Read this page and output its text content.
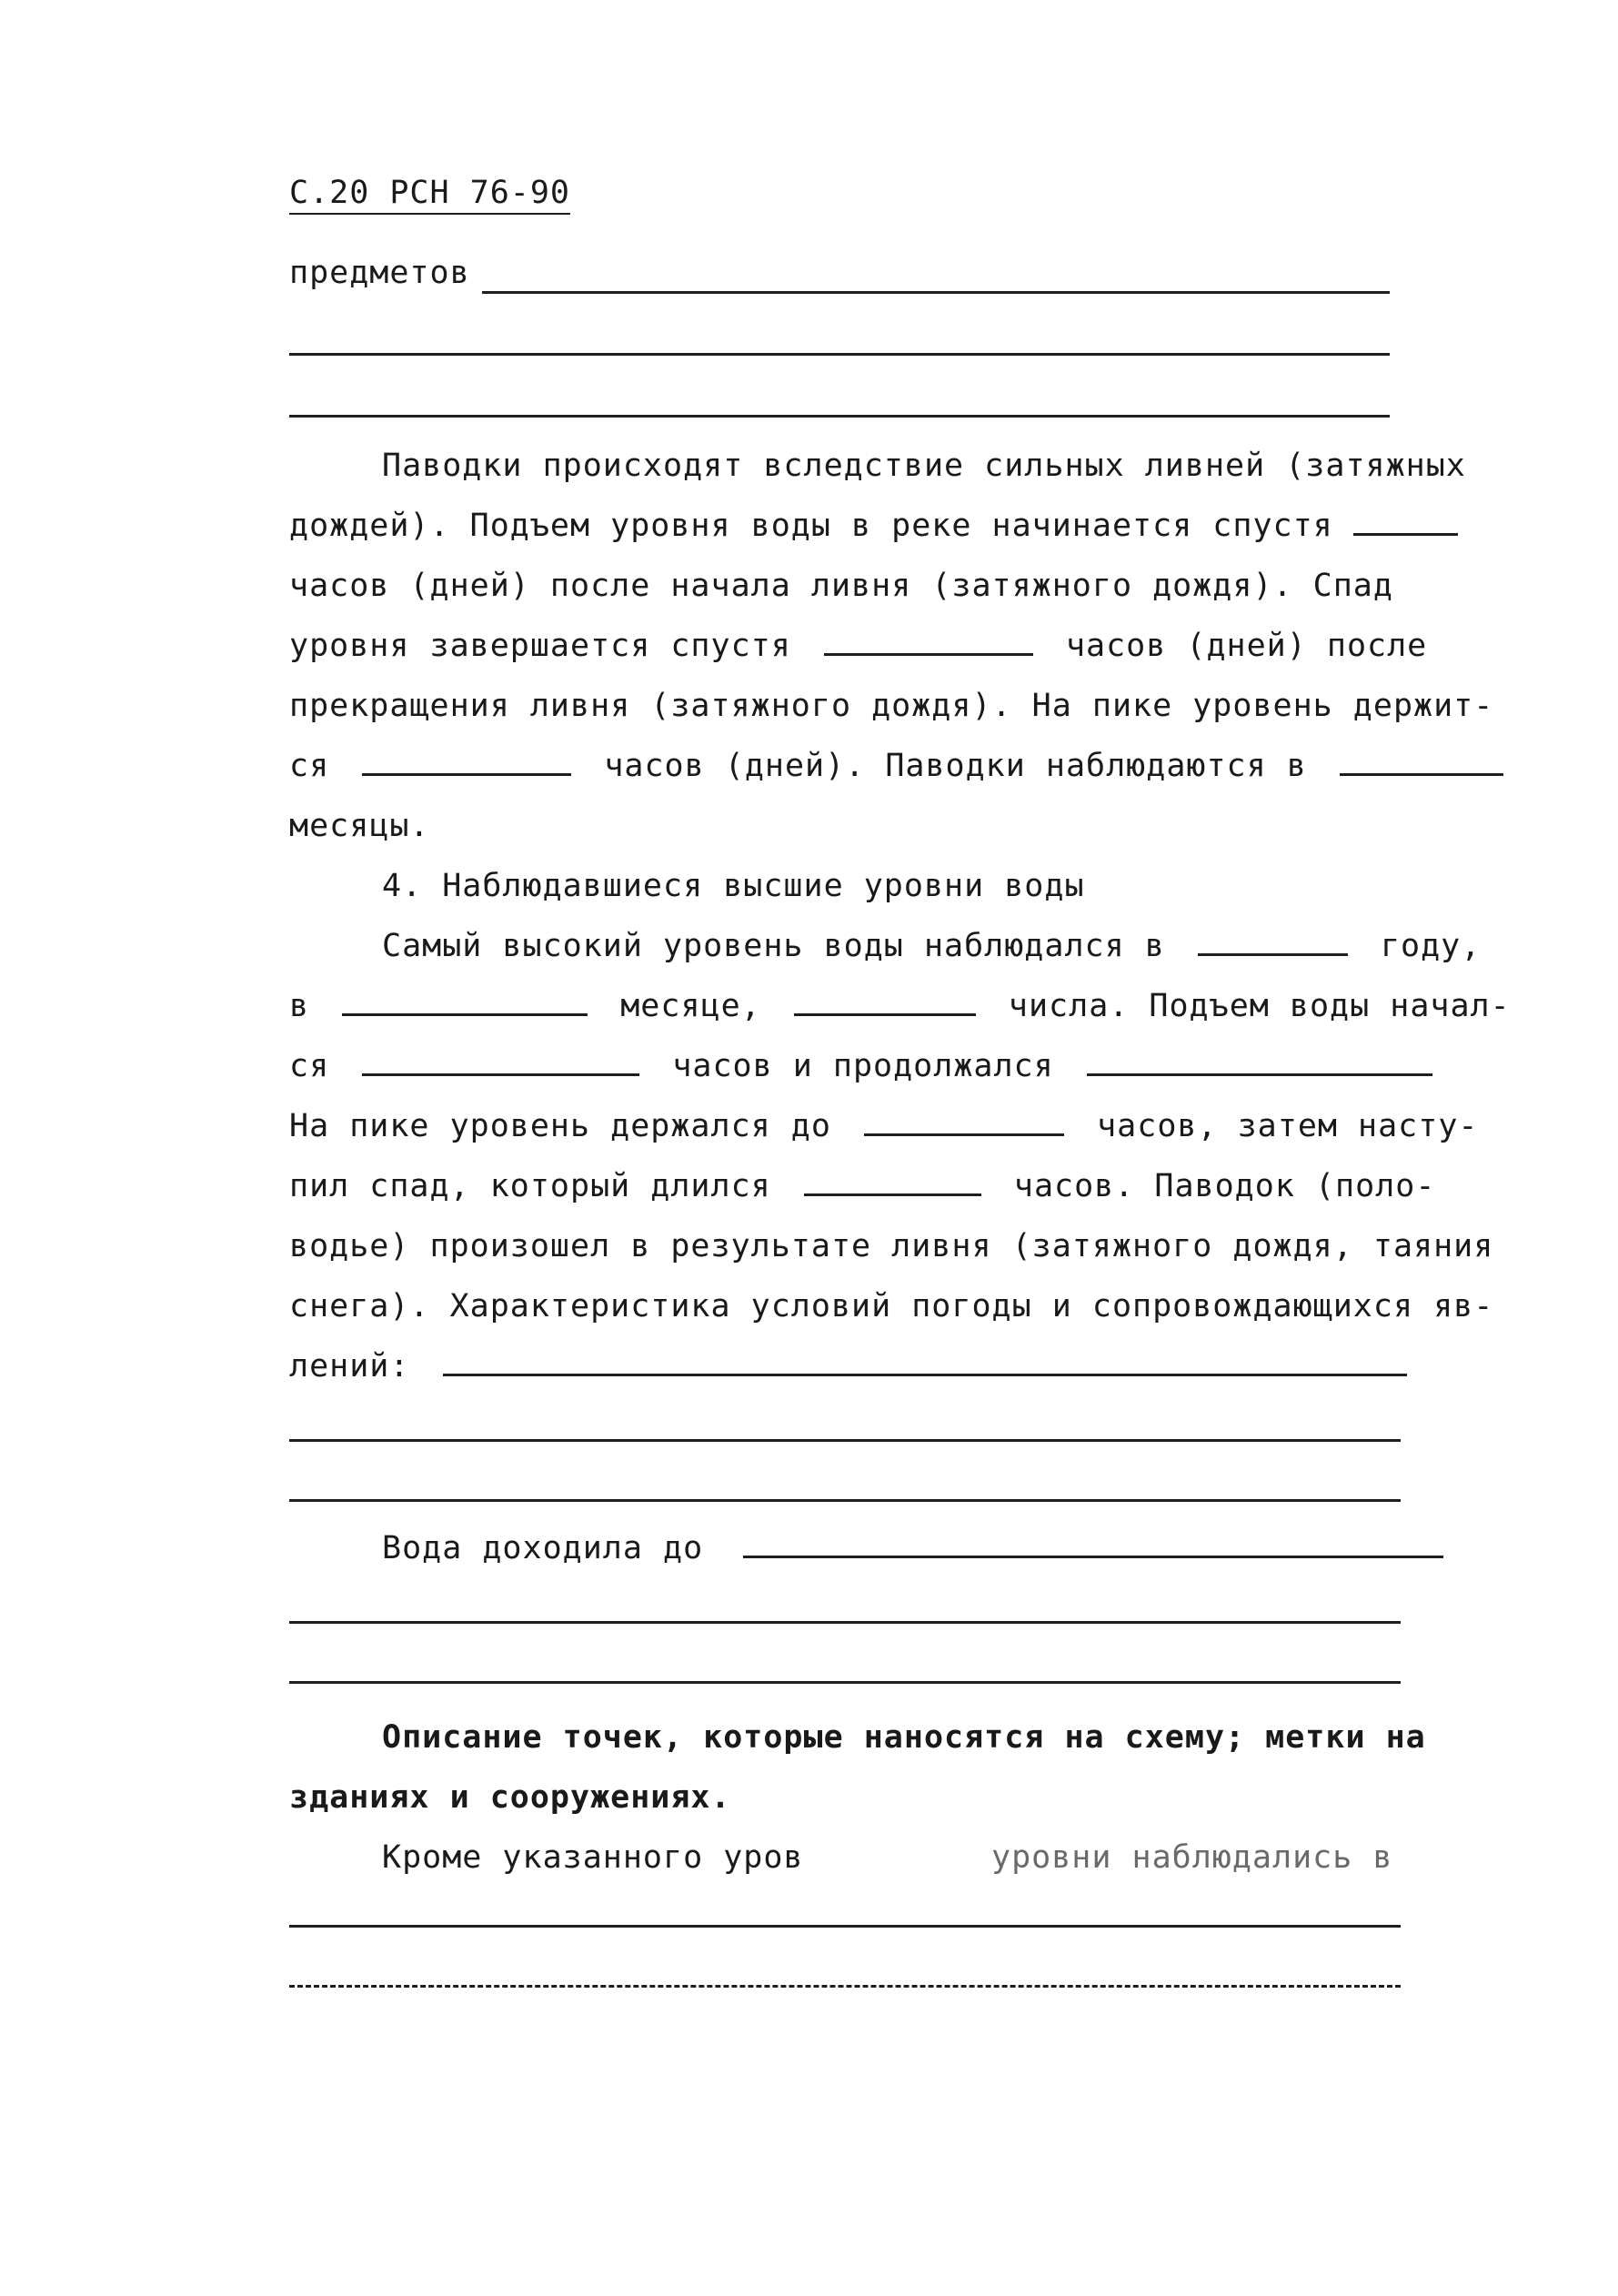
С.20 РСН 76-90
предметов
Паводки происходят вследствие сильных ливней (затяжных
дождей). Подъем уровня воды в реке начинается спустя
часов (дней) после начала ливня (затяжного дождя). Спад
уровня завершается спустя	часов (дней) после
прекращения ливня (затяжного дождя). На пике уровень держит-
ся	часов (дней). Паводки наблюдаются в
месяцы.
4. Наблюдавшиеся высшие уровни воды
Самый высокий уровень воды наблюдался в	году,
в	месяце,	числа. Подъем воды начал-
ся	часов и продолжался
На пике уровень держался до	часов, затем насту-
пил спад, который длился	часов. Паводок (поло-
водье) произошел в результате ливня (затяжного дождя, таяния
снега). Характеристика условий погоды и сопровождающихся яв-
лений:
Вода доходила до
Описание точек, которые наносятся на схему; метки на
зданиях и сооружениях.
Кроме указанного уров	уровни наблюдались в
